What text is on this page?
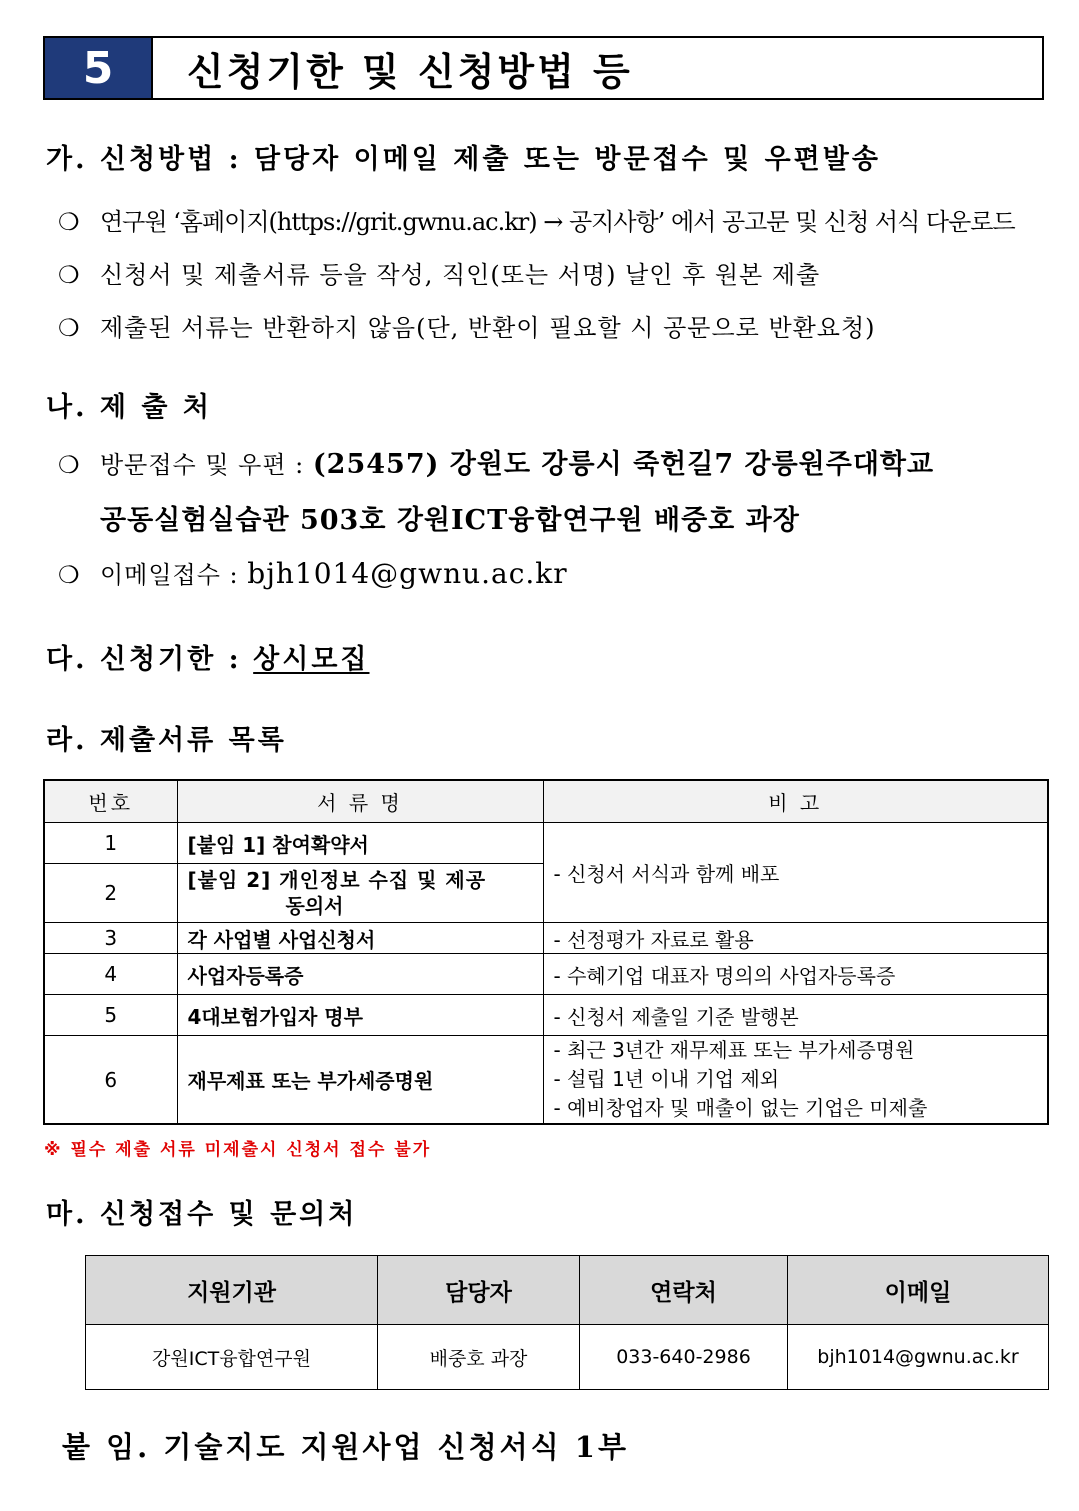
5	신청기한 및 신청방법 등
가. 신청방법 : 담당자 이메일 제출 또는 방문접수 및 우편발송
❍ 연구원 ‘홈페이지(https://grit.gwnu.ac.kr) → 공지사항’ 에서 공고문 및 신청 서식 다운로드
❍ 신청서 및 제출서류 등을 작성, 직인(또는 서명) 날인 후 원본 제출
❍ 제출된 서류는 반환하지 않음(단, 반환이 필요할 시 공문으로 반환요청)
나. 제 출 처
❍ 방문접수 및 우편 : (25457) 강원도 강릉시 죽헌길7 강릉원주대학교
공동실험실습관 503호 강원ICT융합연구원 배중호 과장
❍ 이메일접수 : bjh1014@gwnu.ac.kr
다. 신청기한 : 상시모집
라. 제출서류 목록
번호	서 류 명	비 고
1	[붙임 1] 참여확약서	- 신청서 서식과 함께 배포
2	[붙임 2] 개인정보 수집 및 제공
동의서	

3	각 사업별 사업신청서	- 선정평가 자료로 활용
4	사업자등록증	- 수혜기업 대표자 명의의 사업자등록증
5	4대보험가입자 명부	- 신청서 제출일 기준 발행본
6	재무제표 또는 부가세증명원	- 최근 3년간 재무제표 또는 부가세증명원
- 설립 1년 이내 기업 제외
- 예비창업자 및 매출이 없는 기업은 미제출
※ 필수 제출 서류 미제출시 신청서 접수 불가
마. 신청접수 및 문의처
지원기관	담당자	연락처	이메일
강원ICT융합연구원	배중호 과장	033-640-2986	bjh1014@gwnu.ac.kr
붙 임. 기술지도 지원사업 신청서식 1부
